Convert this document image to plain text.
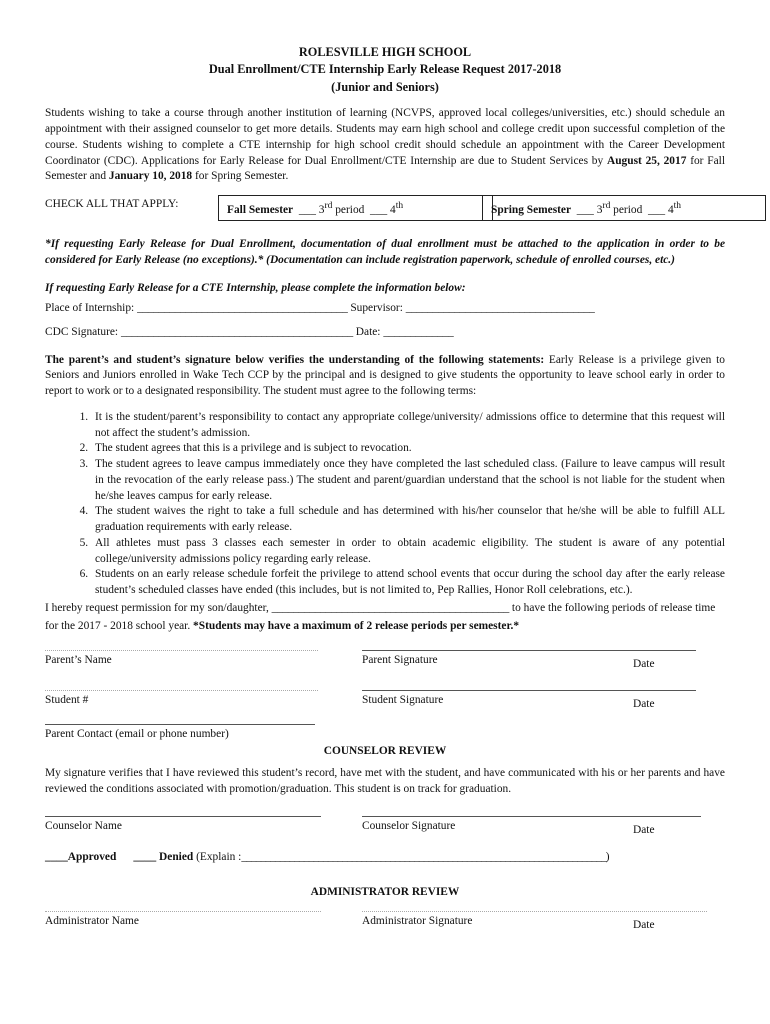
ROLESVILLE HIGH SCHOOL
Dual Enrollment/CTE Internship Early Release Request 2017-2018
(Junior and Seniors)

Students wishing to take a course through another institution of learning (NCVPS, approved local colleges/universities, etc.) should schedule an appointment with their assigned counselor to get more details. Students may earn high school and college credit upon successful completion of the course. Students wishing to complete a CTE internship for high school credit should schedule an appointment with the Career Development Coordinator (CDC). Applications for Early Release for Dual Enrollment/CTE Internship are due to Student Services by August 25, 2017 for Fall Semester and January 10, 2018 for Spring Semester.

CHECK ALL THAT APPLY:	Fall Semester ___ 3rd period ___ 4th	Spring Semester ___ 3rd period ___ 4th

*If requesting Early Release for Dual Enrollment, documentation of dual enrollment must be attached to the application in order to be considered for Early Release (no exceptions).* (Documentation can include registration paperwork, schedule of enrolled courses, etc.)

If requesting Early Release for a CTE Internship, please complete the information below:

Place of Internship: _______________________________________ Supervisor: ___________________________________

CDC Signature: ___________________________________________ Date: _____________

The parent’s and student’s signature below verifies the understanding of the following statements: Early Release is a privilege given to Seniors and Juniors enrolled in Wake Tech CCP by the principal and is designed to give students the opportunity to leave school early in order to report to work or to a designated responsibility. The student must agree to the following terms:

1. It is the student/parent’s responsibility to contact any appropriate college/university/ admissions office to determine that this request will not affect the student’s admission.
2. The student agrees that this is a privilege and is subject to revocation.
3. The student agrees to leave campus immediately once they have completed the last scheduled class. (Failure to leave campus will result in the revocation of the early release pass.) The student and parent/guardian understand that the school is not liable for the student when he/she leaves campus for early release.
4. The student waives the right to take a full schedule and has determined with his/her counselor that he/she will be able to fulfill ALL graduation requirements with early release.
5. All athletes must pass 3 classes each semester in order to obtain academic eligibility. The student is aware of any potential college/university admissions policy regarding early release.
6. Students on an early release schedule forfeit the privilege to attend school events that occur during the school day after the early release student’s scheduled classes have ended (this includes, but is not limited to, Pep Rallies, Honor Roll celebrations, etc.).

I hereby request permission for my son/daughter, ____________________________________________ to have the following periods of release time for the 2017 - 2018 school year. *Students may have a maximum of 2 release periods per semester.*

Parent’s Name	Parent Signature	Date
Student #	Student Signature	Date
Parent Contact (email or phone number)
COUNSELOR REVIEW

My signature verifies that I have reviewed this student’s record, have met with the student, and have communicated with his or her parents and have reviewed the conditions associated with promotion/graduation. This student is on track for graduation.

Counselor Name	Counselor Signature	Date

____Approved ____ Denied (Explain :____________________________________________________________________________)

ADMINISTRATOR REVIEW
Administrator Name	Administrator Signature	Date
